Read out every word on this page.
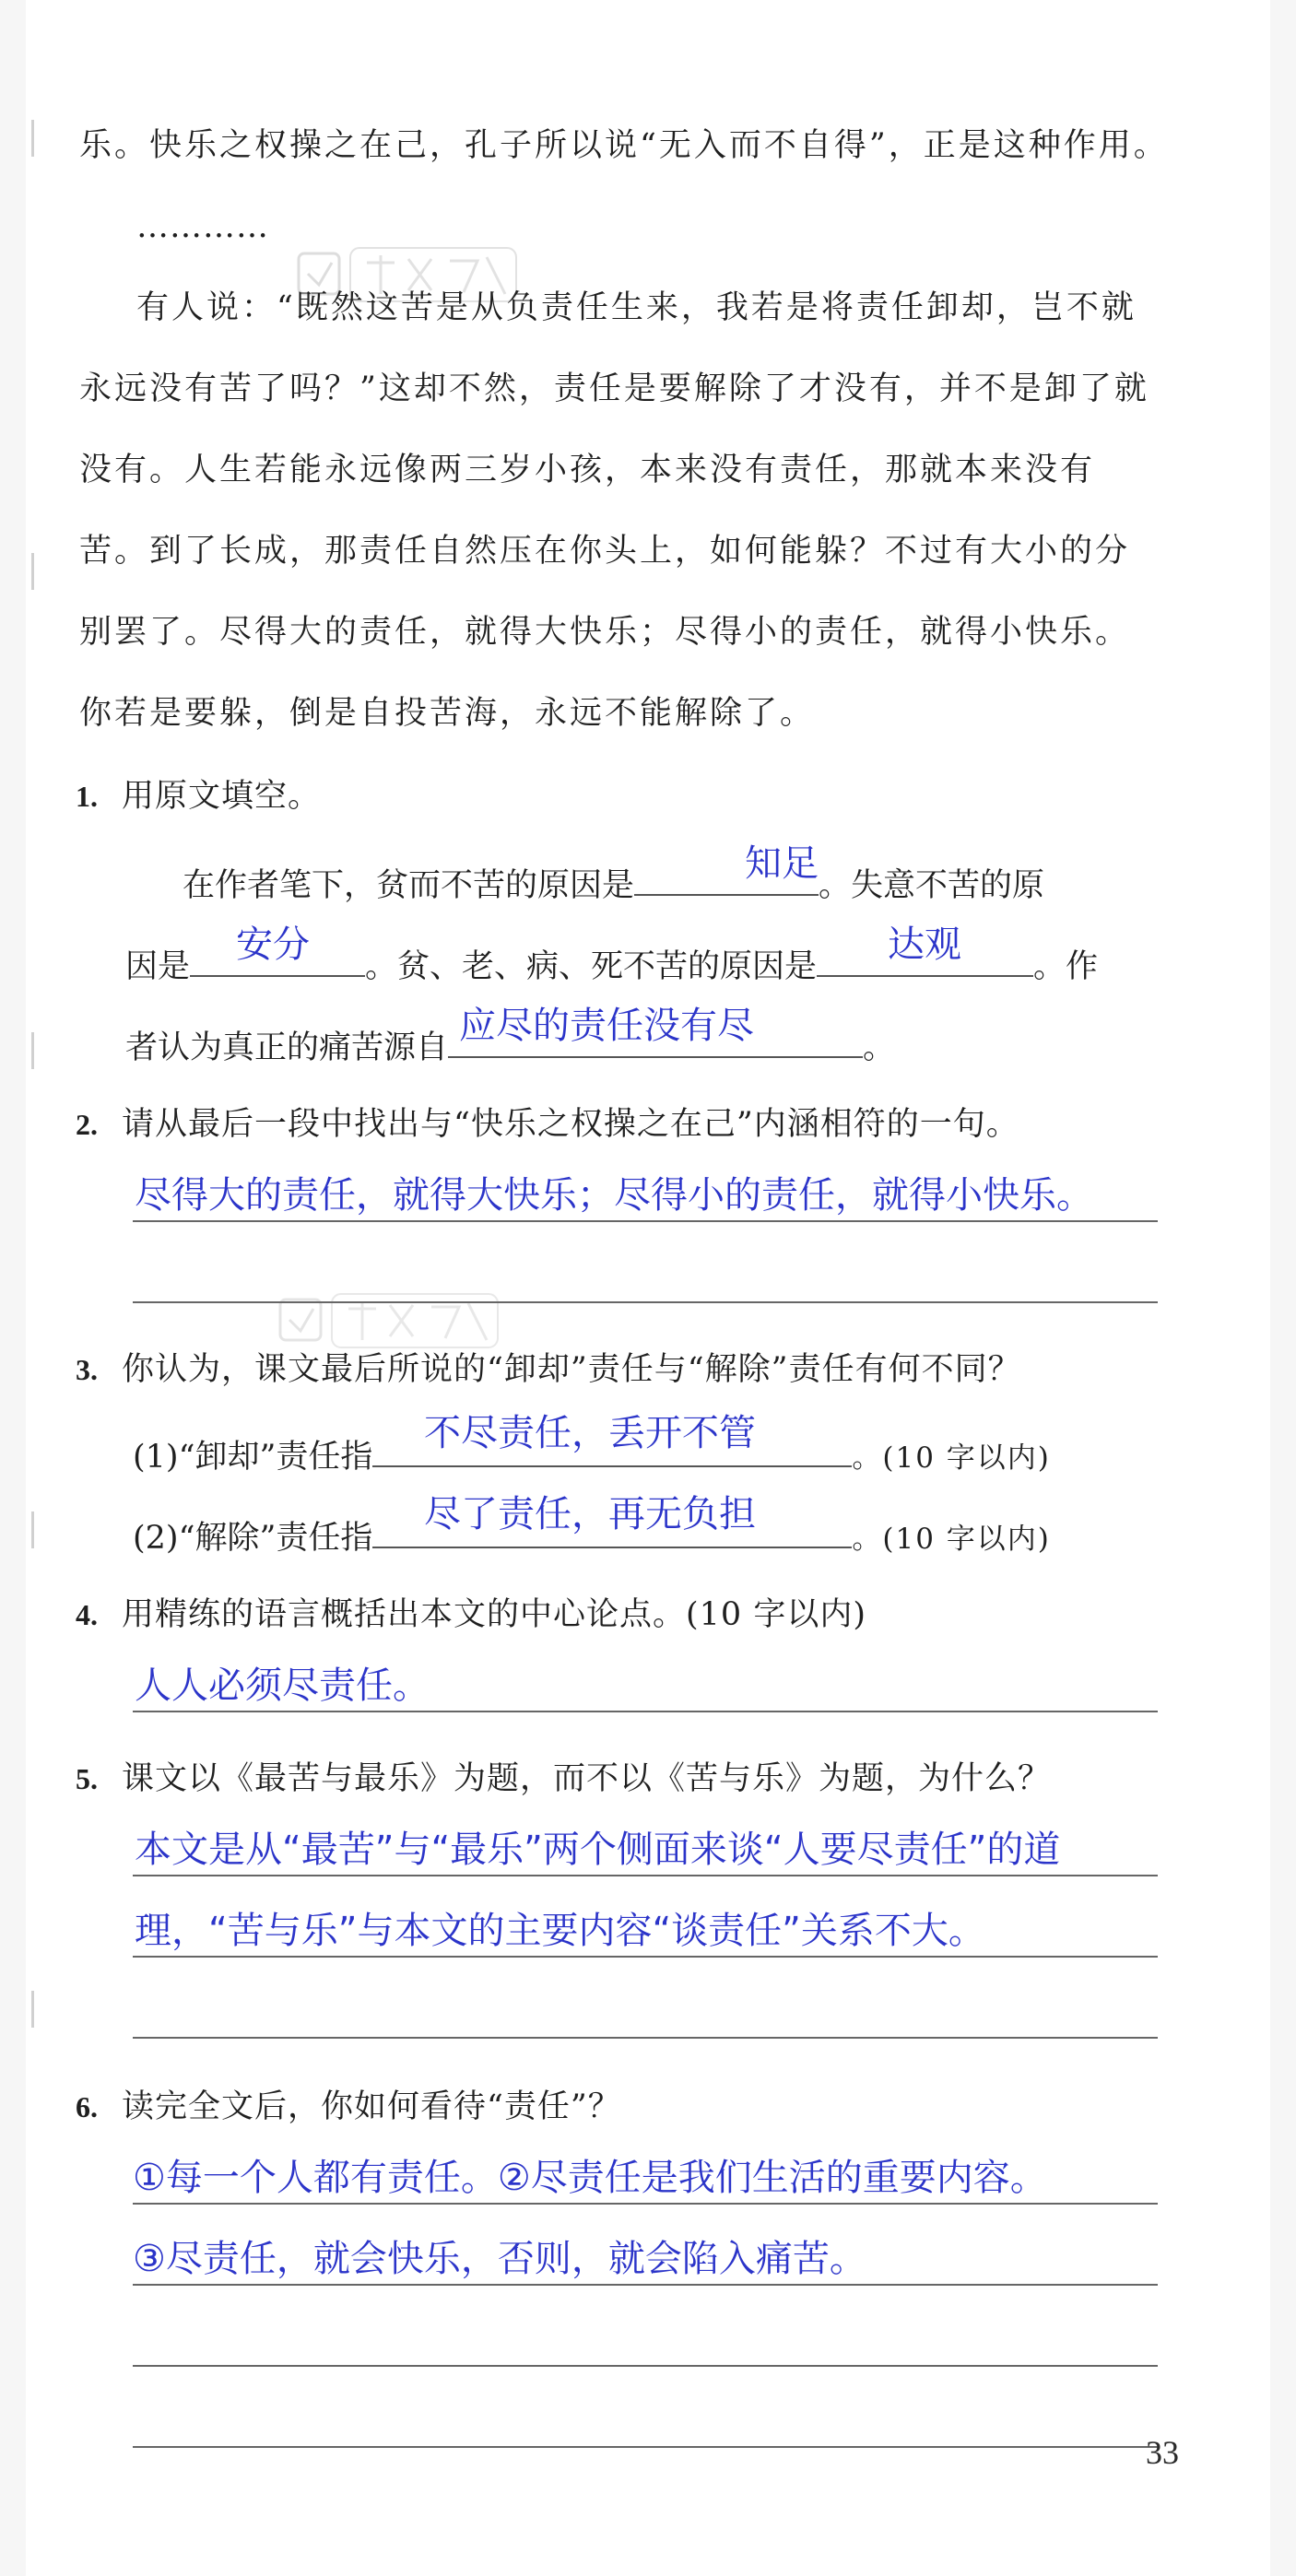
乐。快乐之权操之在己，孔子所以说“无入而不自得”，正是这种作用。
…………
有人说：“既然这苦是从负责任生来，我若是将责任卸却，岂不就
永远没有苦了吗？”这却不然，责任是要解除了才没有，并不是卸了就
没有。人生若能永远像两三岁小孩，本来没有责任，那就本来没有
苦。到了长成，那责任自然压在你头上，如何能躲？不过有大小的分
别罢了。尽得大的责任，就得大快乐；尽得小的责任，就得小快乐。
你若是要躲，倒是自投苦海，永远不能解除了。
1. 用原文填空。
在作者笔下，贫而不苦的原因是	。失意不苦的原
知足
因是	。贫、老、病、死不苦的原因是	。作
安分	达观
者认为真正的痛苦源自	。
应尽的责任没有尽
2. 请从最后一段中找出与“快乐之权操之在己”内涵相符的一句。
尽得大的责任，就得大快乐；尽得小的责任，就得小快乐。
3. 你认为，课文最后所说的“卸却”责任与“解除”责任有何不同？
(1)“卸却”责任指	。(10 字以内)
不尽责任，丢开不管
(2)“解除”责任指	。(10 字以内)
尽了责任，再无负担
4. 用精练的语言概括出本文的中心论点。(10 字以内)
人人必须尽责任。
5. 课文以《最苦与最乐》为题，而不以《苦与乐》为题，为什么？
本文是从“最苦”与“最乐”两个侧面来谈“人要尽责任”的道
理，“苦与乐”与本文的主要内容“谈责任”关系不大。
6. 读完全文后，你如何看待“责任”？
①每一个人都有责任。②尽责任是我们生活的重要内容。
③尽责任，就会快乐，否则，就会陷入痛苦。
33
